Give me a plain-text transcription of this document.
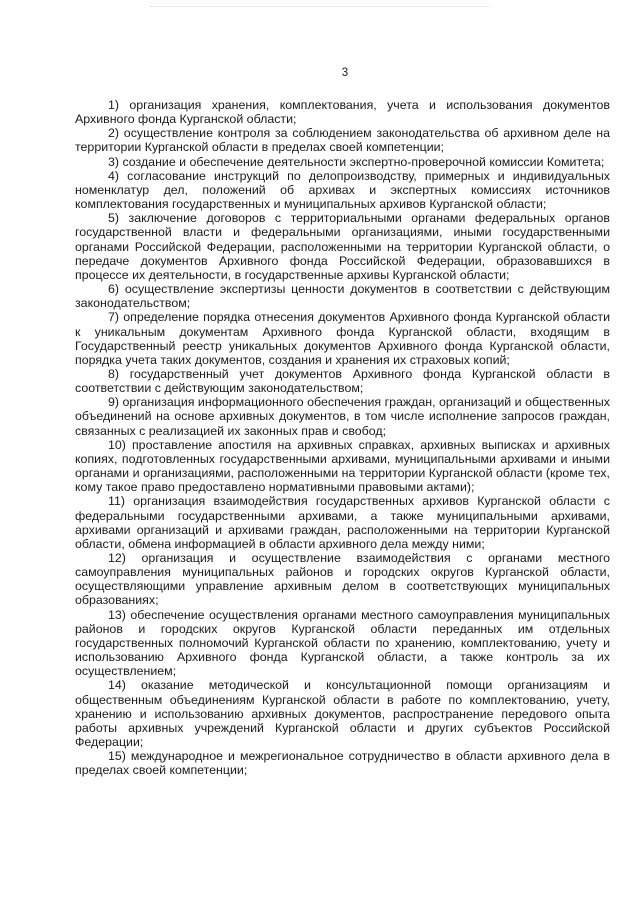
3

1) организация хранения, комплектования, учета и использования документов Архивного фонда Курганской области;

2) осуществление контроля за соблюдением законодательства об архивном деле на территории Курганской области в пределах своей компетенции;

3) создание и обеспечение деятельности экспертно-проверочной комиссии Комитета;

4) согласование инструкций по делопроизводству, примерных и индивидуальных номенклатур дел, положений об архивах и экспертных комиссиях источников комплектования государственных и муниципальных архивов Курганской области;

5) заключение договоров с территориальными органами федеральных органов государственной власти и федеральными организациями, иными государственными органами Российской Федерации, расположенными на территории Курганской области, о передаче документов Архивного фонда Российской Федерации, образовавшихся в процессе их деятельности, в государственные архивы Курганской области;

6) осуществление экспертизы ценности документов в соответствии с действующим законодательством;

7) определение порядка отнесения документов Архивного фонда Курганской области к уникальным документам Архивного фонда Курганской области, входящим в Государственный реестр уникальных документов Архивного фонда Курганской области, порядка учета таких документов, создания и хранения их страховых копий;

8) государственный учет документов Архивного фонда Курганской области в соответствии с действующим законодательством;

9) организация информационного обеспечения граждан, организаций и общественных объединений на основе архивных документов, в том числе исполнение запросов граждан, связанных с реализацией их законных прав и свобод;

10) проставление апостиля на архивных справках, архивных выписках и архивных копиях, подготовленных государственными архивами, муниципальными архивами и иными органами и организациями, расположенными на территории Курганской области (кроме тех, кому такое право предоставлено нормативными правовыми актами);

11) организация взаимодействия государственных архивов Курганской области с федеральными государственными архивами, а также муниципальными архивами, архивами организаций и архивами граждан, расположенными на территории Курганской области, обмена информацией в области архивного дела между ними;

12) организация и осуществление взаимодействия с органами местного самоуправления муниципальных районов и городских округов Курганской области, осуществляющими управление архивным делом в соответствующих муниципальных образованиях;

13) обеспечение осуществления органами местного самоуправления муниципальных районов и городских округов Курганской области переданных им отдельных государственных полномочий Курганской области по хранению, комплектованию, учету и использованию Архивного фонда Курганской области, а также контроль за их осуществлением;

14) оказание методической и консультационной помощи организациям и общественным объединениям Курганской области в работе по комплектованию, учету, хранению и использованию архивных документов, распространение передового опыта работы архивных учреждений Курганской области и других субъектов Российской Федерации;

15) международное и межрегиональное сотрудничество в области архивного дела в пределах своей компетенции;
